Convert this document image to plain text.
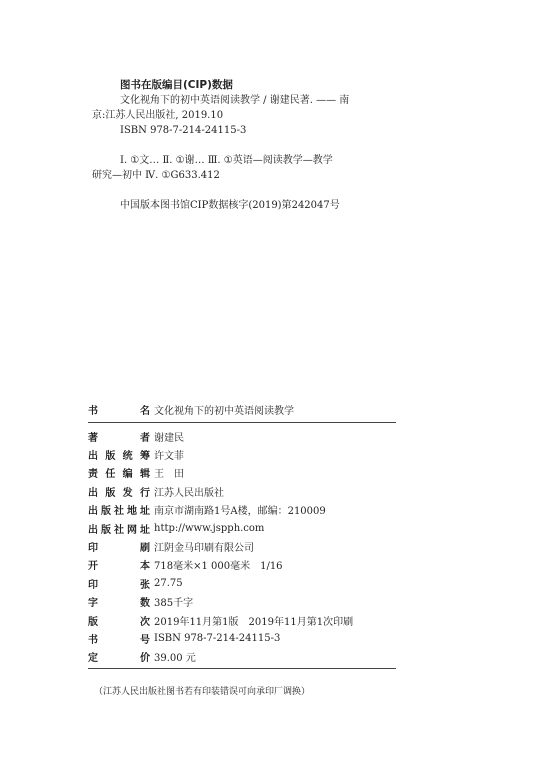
图书在版编目(CIP)数据
文化视角下的初中英语阅读教学 / 谢建民著. —— 南
京:江苏人民出版社, 2019.10
ISBN 978-7-214-24115-3
Ⅰ. ①文… Ⅱ. ①谢… Ⅲ. ①英语—阅读教学—教学
研究—初中 Ⅳ. ①G633.412
中国版本图书馆CIP数据核字(2019)第242047号
书　名 文化视角下的初中英语阅读教学
著　者 谢建民
出版统筹 许文菲
责任编辑 王　田
出版发行 江苏人民出版社
出版社地址 南京市湖南路1号A楼，邮编：210009
出版社网址 http://www.jspph.com
印　刷 江阴金马印刷有限公司
开　本 718毫米×1 000毫米　1/16
印　张 27.75
字　数 385千字
版　次 2019年11月第1版　2019年11月第1次印刷
书　号 ISBN 978-7-214-24115-3
定　价 39.00 元
（江苏人民出版社图书若有印装错误可向承印厂调换）
